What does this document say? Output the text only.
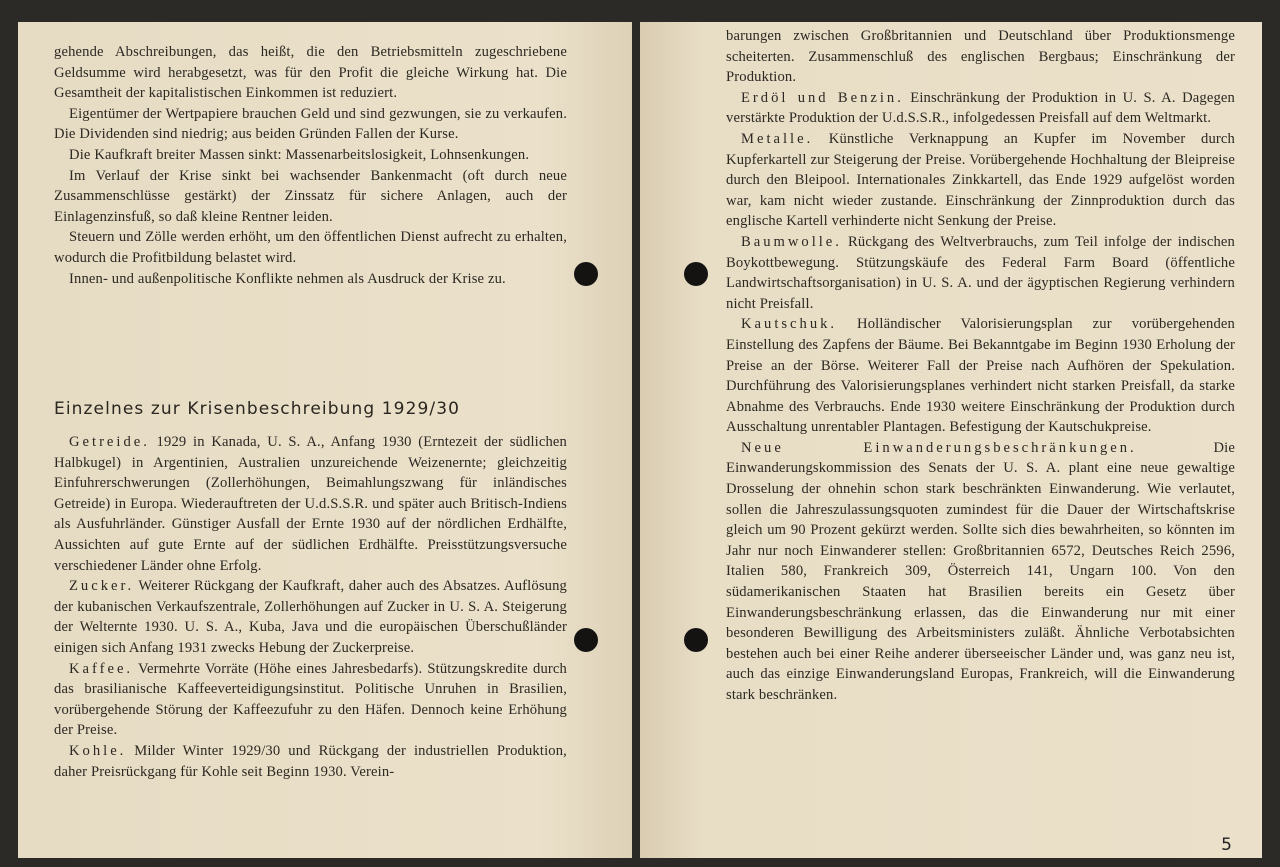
gehende Abschreibungen, das heißt, die den Betriebsmitteln zugeschriebene Geldsumme wird herabgesetzt, was für den Profit die gleiche Wirkung hat. Die Gesamtheit der kapitalistischen Einkommen ist reduziert.

Eigentümer der Wertpapiere brauchen Geld und sind gezwungen, sie zu verkaufen. Die Dividenden sind niedrig; aus beiden Gründen Fallen der Kurse.

Die Kaufkraft breiter Massen sinkt: Massenarbeitslosigkeit, Lohnsenkungen.

Im Verlauf der Krise sinkt bei wachsender Bankenmacht (oft durch neue Zusammenschlüsse gestärkt) der Zinssatz für sichere Anlagen, auch der Einlagenzinsfuß, so daß kleine Rentner leiden.

Steuern und Zölle werden erhöht, um den öffentlichen Dienst aufrecht zu erhalten, wodurch die Profitbildung belastet wird.

Innen- und außenpolitische Konflikte nehmen als Ausdruck der Krise zu.

Einzelnes zur Krisenbeschreibung 1929/30

Getreide. 1929 in Kanada, U. S. A., Anfang 1930 (Erntezeit der südlichen Halbkugel) in Argentinien, Australien unzureichende Weizenernte; gleichzeitig Einfuhrerschwerungen (Zollerhöhungen, Beimahlungszwang für inländisches Getreide) in Europa. Wiederauftreten der U.d.S.S.R. und später auch Britisch-Indiens als Ausfuhrländer. Günstiger Ausfall der Ernte 1930 auf der nördlichen Erdhälfte, Aussichten auf gute Ernte auf der südlichen Erdhälfte. Preisstützungsversuche verschiedener Länder ohne Erfolg.

Zucker. Weiterer Rückgang der Kaufkraft, daher auch des Absatzes. Auflösung der kubanischen Verkaufszentrale, Zollerhöhungen auf Zucker in U. S. A. Steigerung der Welternte 1930. U. S. A., Kuba, Java und die europäischen Überschußländer einigen sich Anfang 1931 zwecks Hebung der Zuckerpreise.

Kaffee. Vermehrte Vorräte (Höhe eines Jahresbedarfs). Stützungskredite durch das brasilianische Kaffeeverteidigungsinstitut. Politische Unruhen in Brasilien, vorübergehende Störung der Kaffeezufuhr zu den Häfen. Dennoch keine Erhöhung der Preise.

Kohle. Milder Winter 1929/30 und Rückgang der industriellen Produktion, daher Preisrückgang für Kohle seit Beginn 1930. Verein-

barungen zwischen Großbritannien und Deutschland über Produktionsmenge scheiterten. Zusammenschluß des englischen Bergbaus; Einschränkung der Produktion.

Erdöl und Benzin. Einschränkung der Produktion in U. S. A. Dagegen verstärkte Produktion der U.d.S.S.R., infolgedessen Preisfall auf dem Weltmarkt.

Metalle. Künstliche Verknappung an Kupfer im November durch Kupferkartell zur Steigerung der Preise. Vorübergehende Hochhaltung der Bleipreise durch den Bleipool. Internationales Zinkkartell, das Ende 1929 aufgelöst worden war, kam nicht wieder zustande. Einschränkung der Zinnproduktion durch das englische Kartell verhinderte nicht Senkung der Preise.

Baumwolle. Rückgang des Weltverbrauchs, zum Teil infolge der indischen Boykottbewegung. Stützungskäufe des Federal Farm Board (öffentliche Landwirtschaftsorganisation) in U. S. A. und der ägyptischen Regierung verhindern nicht Preisfall.

Kautschuk. Holländischer Valorisierungsplan zur vorübergehenden Einstellung des Zapfens der Bäume. Bei Bekanntgabe im Beginn 1930 Erholung der Preise an der Börse. Weiterer Fall der Preise nach Aufhören der Spekulation. Durchführung des Valorisierungsplanes verhindert nicht starken Preisfall, da starke Abnahme des Verbrauchs. Ende 1930 weitere Einschränkung der Produktion durch Ausschaltung unrentabler Plantagen. Befestigung der Kautschukpreise.

Neue Einwanderungsbeschränkungen. Die Einwanderungskommission des Senats der U. S. A. plant eine neue gewaltige Drosselung der ohnehin schon stark beschränkten Einwanderung. Wie verlautet, sollen die Jahreszulassungsquoten zumindest für die Dauer der Wirtschaftskrise gleich um 90 Prozent gekürzt werden. Sollte sich dies bewahrheiten, so könnten im Jahr nur noch Einwanderer stellen: Großbritannien 6572, Deutsches Reich 2596, Italien 580, Frankreich 309, Österreich 141, Ungarn 100. Von den südamerikanischen Staaten hat Brasilien bereits ein Gesetz über Einwanderungsbeschränkung erlassen, das die Einwanderung nur mit einer besonderen Bewilligung des Arbeitsministers zuläßt. Ähnliche Verbotabsichten bestehen auch bei einer Reihe anderer überseeischer Länder und, was ganz neu ist, auch das einzige Einwanderungsland Europas, Frankreich, will die Einwanderung stark beschränken.

5
